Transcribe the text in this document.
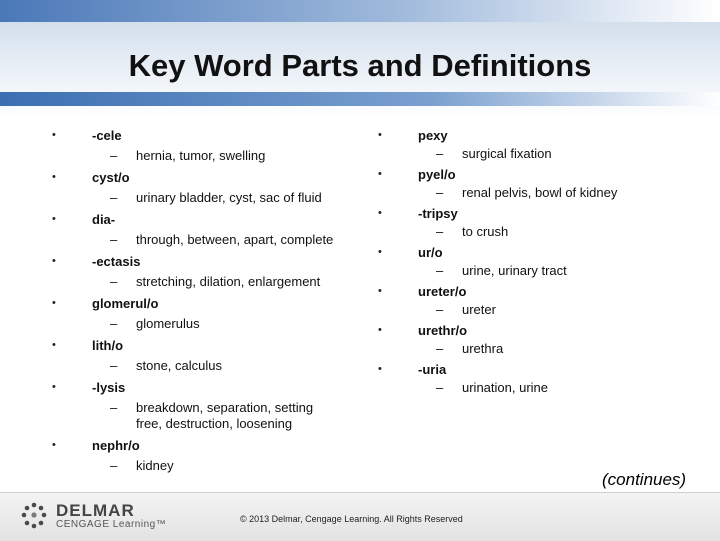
Key Word Parts and Definitions
•	-cele
– hernia, tumor, swelling
•	cyst/o
– urinary bladder, cyst, sac of fluid
•	dia-
– through, between, apart, complete
•	-ectasis
– stretching, dilation, enlargement
•	glomerul/o
– glomerulus
•	lith/o
– stone, calculus
•	-lysis
– breakdown, separation, setting free, destruction, loosening
•	nephr/o
– kidney
•	pexy
– surgical fixation
•	pyel/o
– renal pelvis, bowl of kidney
•	-tripsy
– to crush
•	ur/o
– urine, urinary tract
•	ureter/o
– ureter
•	urethr/o
– urethra
•	-uria
– urination, urine
(continues)
DELMAR
CENGAGE Learning™	© 2013 Delmar, Cengage Learning. All Rights Reserved
